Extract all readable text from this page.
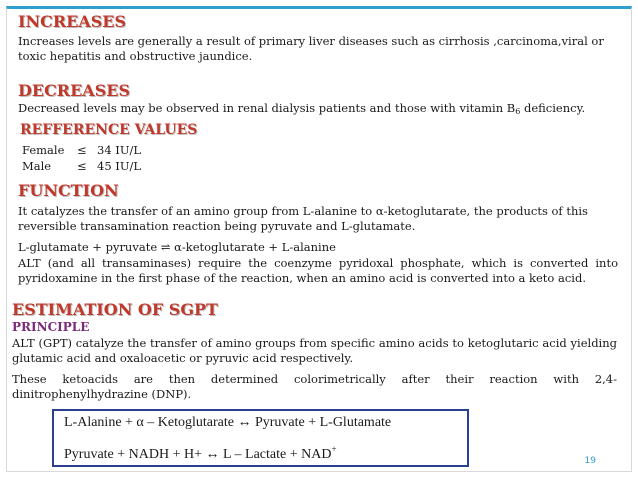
INCREASES

Increases levels are generally a result of primary liver diseases such as cirrhosis ,carcinoma,viral or toxic hepatitis and obstructive jaundice.

DECREASES

Decreased levels may be observed in renal dialysis patients and those with vitamin $B_6$ deficiency.

REFFERENCE VALUES
Female ≤ 34 IU/L
Male ≤ 45 IU/L
FUNCTION

It catalyzes the transfer of an amino group from L-alanine to α-ketoglutarate, the products of this reversible transamination reaction being pyruvate and L-glutamate.

L-glutamate + pyruvate ⇌ α-ketoglutarate + L-alanine

ALT (and all transaminases) require the coenzyme pyridoxal phosphate, which is converted into pyridoxamine in the first phase of the reaction, when an amino acid is converted into a keto acid.

ESTIMATION OF SGPT
PRINCIPLE

ALT (GPT) catalyze the transfer of amino groups from specific amino acids to ketoglutaric acid yielding glutamic acid and oxaloacetic or pyruvic acid respectively.

These ketoacids are then determined colorimetrically after their reaction with 2,4-dinitrophenylhydrazine (DNP).

L-Alanine + α – Ketoglutarate ↔ Pyruvate + L-Glutamate
Pyruvate + NADH + H+ ↔ L – Lactate + NAD+
19
